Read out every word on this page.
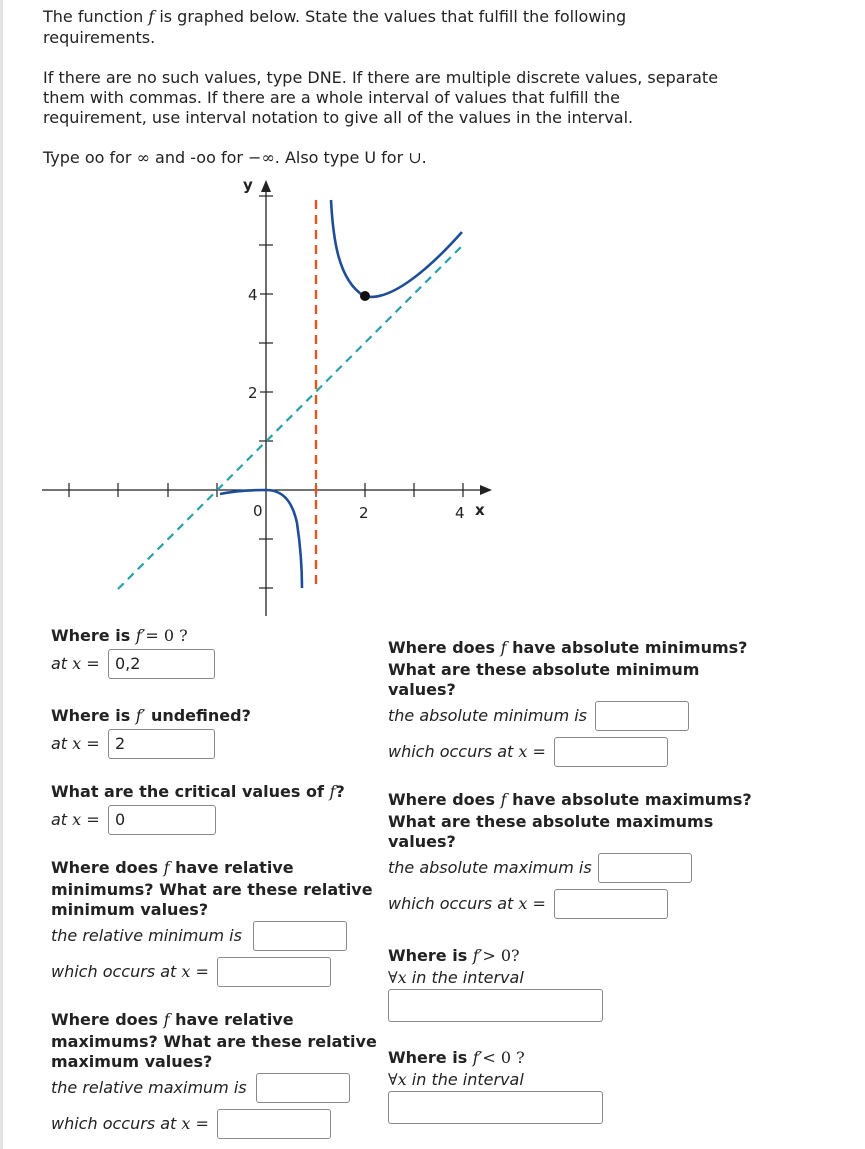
The function f is graphed below. State the values that fulfill the following
requirements.
If there are no such values, type DNE. If there are multiple discrete values, separate
them with commas. If there are a whole interval of values that fulfill the
requirement, use interval notation to give all of the values in the interval.
Type oo for ∞ and -oo for −∞. Also type U for ∪.
y
x
4
2
0	2	4
Where is f′= 0 ?
at x = 0,2
Where is f′ undefined?
at x = 2
What are the critical values of f?
at x = 0
Where does f have relative
minimums? What are these relative
minimum values?
the relative minimum is
which occurs at x =
Where does f have relative
maximums? What are these relative
maximum values?
the relative maximum is
which occurs at x =
Where does f have absolute minimums?
What are these absolute minimum
values?
the absolute minimum is
which occurs at x =
Where does f have absolute maximums?
What are these absolute maximums
values?
the absolute maximum is
which occurs at x =
Where is f′> 0?
∀x in the interval
Where is f′< 0 ?
∀x in the interval
